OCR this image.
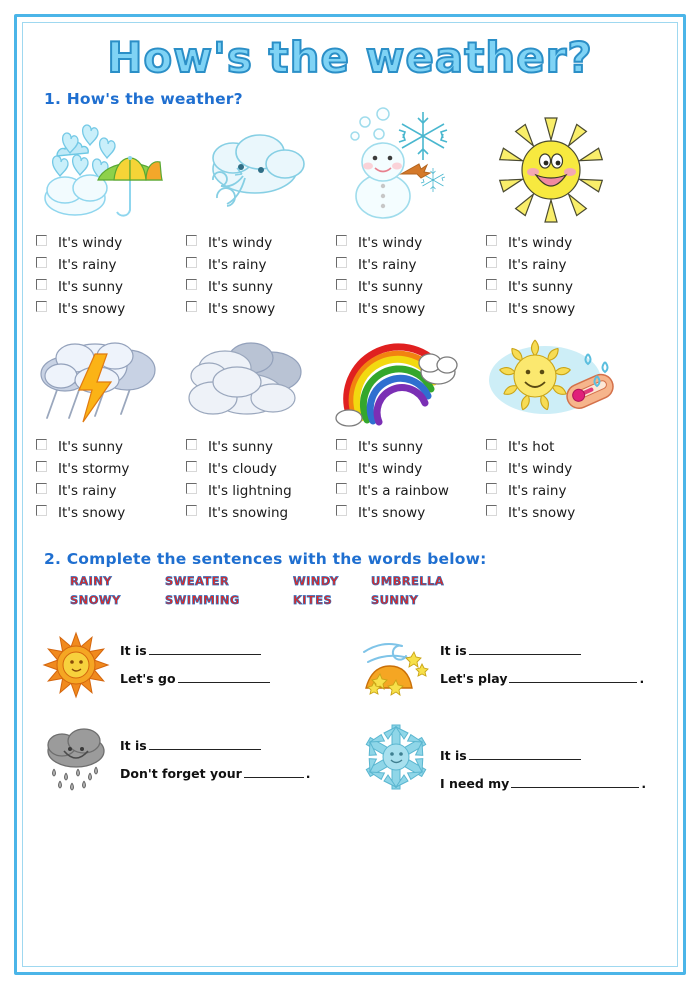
How's the weather?
1. How's the weather?
It's windy
It's rainy
It's sunny
It's snowy
It's windy
It's rainy
It's sunny
It's snowy
It's windy
It's rainy
It's sunny
It's snowy
It's windy
It's rainy
It's sunny
It's snowy
It's sunny
It's stormy
It's rainy
It's snowy
It's sunny
It's cloudy
It's lightning
It's snowing
It's sunny
It's windy
It's a rainbow
It's snowy
It's hot
It's windy
It's rainy
It's snowy
2. Complete the sentences with the words below:
RAINY	SWEATER	WINDY	UMBRELLA
SNOWY	SWIMMING	KITES	SUNNY
It is
Let's go
It is
Let's play	.
It is
Don't forget your	.
It is
I need my	.
